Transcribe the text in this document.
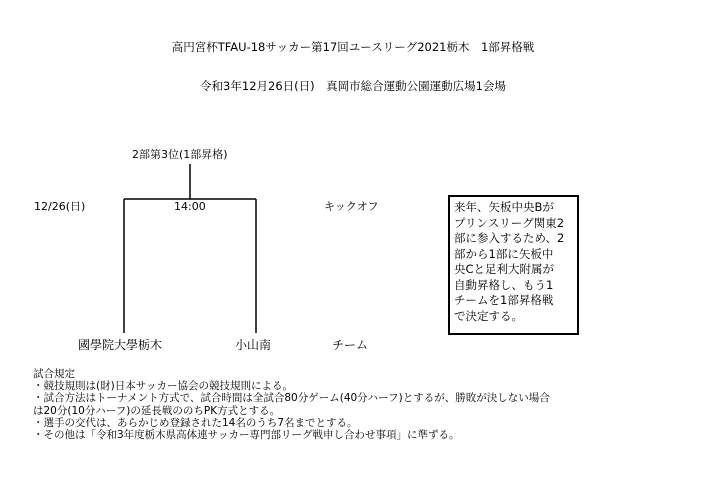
高円宮杯TFAU-18サッカー第17回ユースリーグ2021栃木　1部昇格戦
令和3年12月26日(日)　真岡市総合運動公園運動広場1会場
2部第3位(1部昇格)
12/26(日)	14:00	キックオフ	来年、矢板中央Bが
プリンスリーグ関東2
部に参入するため、2
部から1部に矢板中
央Cと足利大附属が
自動昇格し、もう1
チームを1部昇格戦
で決定する。
國學院大學栃木	小山南	チーム
試合規定
・競技規則は(財)日本サッカー協会の競技規則による。
・試合方法はトーナメント方式で、試合時間は全試合80分ゲーム(40分ハーフ)とするが、勝敗が決しない場合
は20分(10分ハーフ)の延長戦ののちPK方式とする。
・選手の交代は、あらかじめ登録された14名のうち7名までとする。
・その他は「令和3年度栃木県高体連サッカー専門部リーグ戦申し合わせ事項」に準ずる。
